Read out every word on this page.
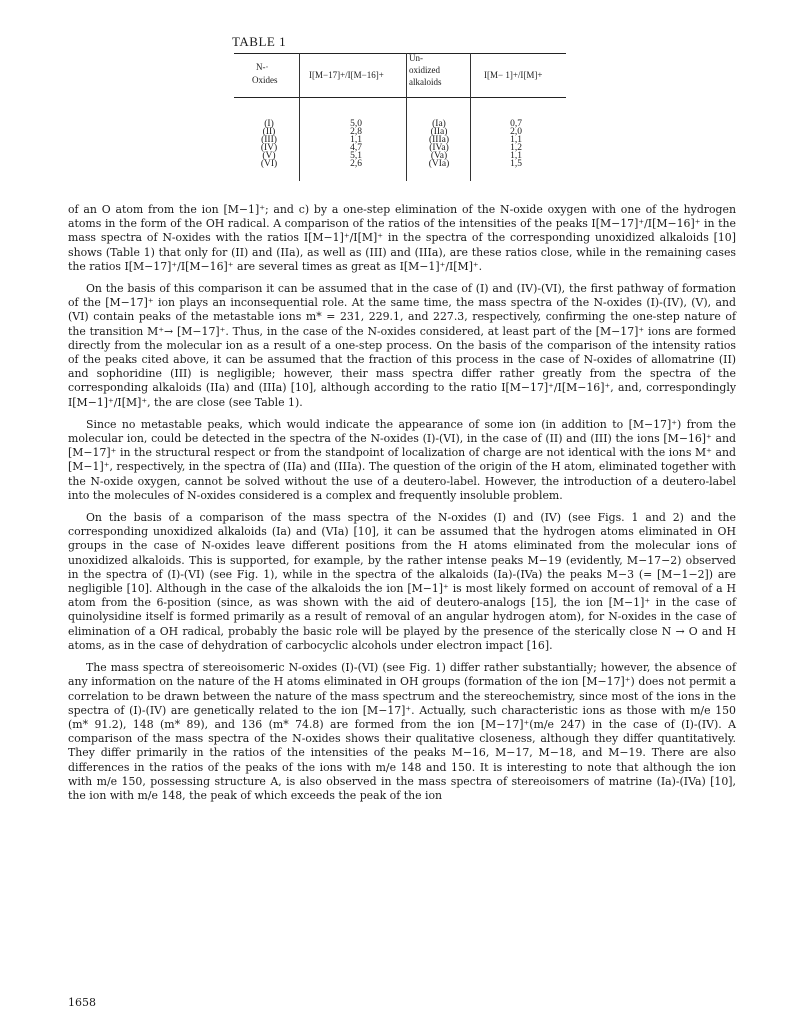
TABLE 1
N-·
Oxides	I[M−17]+/I[M−16]+
Un-
oxidized
alkaloids
I[M− 1]+/I[M]+
(I)
(II)
(III)
(IV)
(V)
(VI)
5,0
2,8
1,1
4,7
5,1
2,6
(Ia)
(IIa)
(IIIa)
(IVa)
(Va)
(VIa)
0,7
2,0
1,1
1,2
1,1
1,5

of an O atom from the ion [M−1]⁺; and c) by a one-step elimination of the N-oxide oxygen with one of the hydrogen atoms in the form of the OH radical. A comparison of the ratios of the intensities of the peaks I[M−17]⁺/I[M−16]⁺ in the mass spectra of N-oxides with the ratios I[M−1]⁺/I[M]⁺ in the spectra of the corresponding unoxidized alkaloids [10] shows (Table 1) that only for (II) and (IIa), as well as (III) and (IIIa), are these ratios close, while in the remaining cases the ratios I[M−17]⁺/I[M−16]⁺ are several times as great as I[M−1]⁺/I[M]⁺.

On the basis of this comparison it can be assumed that in the case of (I) and (IV)-(VI), the first pathway of formation of the [M−17]⁺ ion plays an inconsequential role. At the same time, the mass spectra of the N-oxides (I)-(IV), (V), and (VI) contain peaks of the metastable ions m* = 231, 229.1, and 227.3, respectively, confirming the one-step nature of the transition M⁺→ [M−17]⁺. Thus, in the case of the N-oxides considered, at least part of the [M−17]⁺ ions are formed directly from the molecular ion as a result of a one-step process. On the basis of the comparison of the intensity ratios of the peaks cited above, it can be assumed that the fraction of this process in the case of N-oxides of allomatrine (II) and sophoridine (III) is negligible; however, their mass spectra differ rather greatly from the spectra of the corresponding alkaloids (IIa) and (IIIa) [10], although according to the ratio I[M−17]⁺/I[M−16]⁺, and, correspondingly I[M−1]⁺/I[M]⁺, the are close (see Table 1).

Since no metastable peaks, which would indicate the appearance of some ion (in addition to [M−17]⁺) from the molecular ion, could be detected in the spectra of the N-oxides (I)-(VI), in the case of (II) and (III) the ions [M−16]⁺ and [M−17]⁺ in the structural respect or from the standpoint of localization of charge are not identical with the ions M⁺ and [M−1]⁺, respectively, in the spectra of (IIa) and (IIIa). The question of the origin of the H atom, eliminated together with the N-oxide oxygen, cannot be solved without the use of a deutero-label. However, the introduction of a deutero-label into the molecules of N-oxides considered is a complex and frequently insoluble problem.

On the basis of a comparison of the mass spectra of the N-oxides (I) and (IV) (see Figs. 1 and 2) and the corresponding unoxidized alkaloids (Ia) and (VIa) [10], it can be assumed that the hydrogen atoms eliminated in OH groups in the case of N-oxides leave different positions from the H atoms eliminated from the molecular ions of unoxidized alkaloids. This is supported, for example, by the rather intense peaks M−19 (evidently, M−17−2) observed in the spectra of (I)-(VI) (see Fig. 1), while in the spectra of the alkaloids (Ia)-(IVa) the peaks M−3 (= [M−1−2]) are negligible [10]. Although in the case of the alkaloids the ion [M−1]⁺ is most likely formed on account of removal of a H atom from the 6-position (since, as was shown with the aid of deutero-analogs [15], the ion [M−1]⁺ in the case of quinolysidine itself is formed primarily as a result of removal of an angular hydrogen atom), for N-oxides in the case of elimination of a OH radical, probably the basic role will be played by the presence of the sterically close N → O and H atoms, as in the case of dehydration of carbocyclic alcohols under electron impact [16].

The mass spectra of stereoisomeric N-oxides (I)-(VI) (see Fig. 1) differ rather substantially; however, the absence of any information on the nature of the H atoms eliminated in OH groups (formation of the ion [M−17]⁺) does not permit a correlation to be drawn between the nature of the mass spectrum and the stereochemistry, since most of the ions in the spectra of (I)-(IV) are genetically related to the ion [M−17]⁺. Actually, such characteristic ions as those with m/e 150 (m* 91.2), 148 (m* 89), and 136 (m* 74.8) are formed from the ion [M−17]⁺(m/e 247) in the case of (I)-(IV). A comparison of the mass spectra of the N-oxides shows their qualitative closeness, although they differ quantitatively. They differ primarily in the ratios of the intensities of the peaks M−16, M−17, M−18, and M−19. There are also differences in the ratios of the peaks of the ions with m/e 148 and 150. It is interesting to note that although the ion with m/e 150, possessing structure A, is also observed in the mass spectra of stereoisomers of matrine (Ia)-(IVa) [10], the ion with m/e 148, the peak of which exceeds the peak of the ion

1658
